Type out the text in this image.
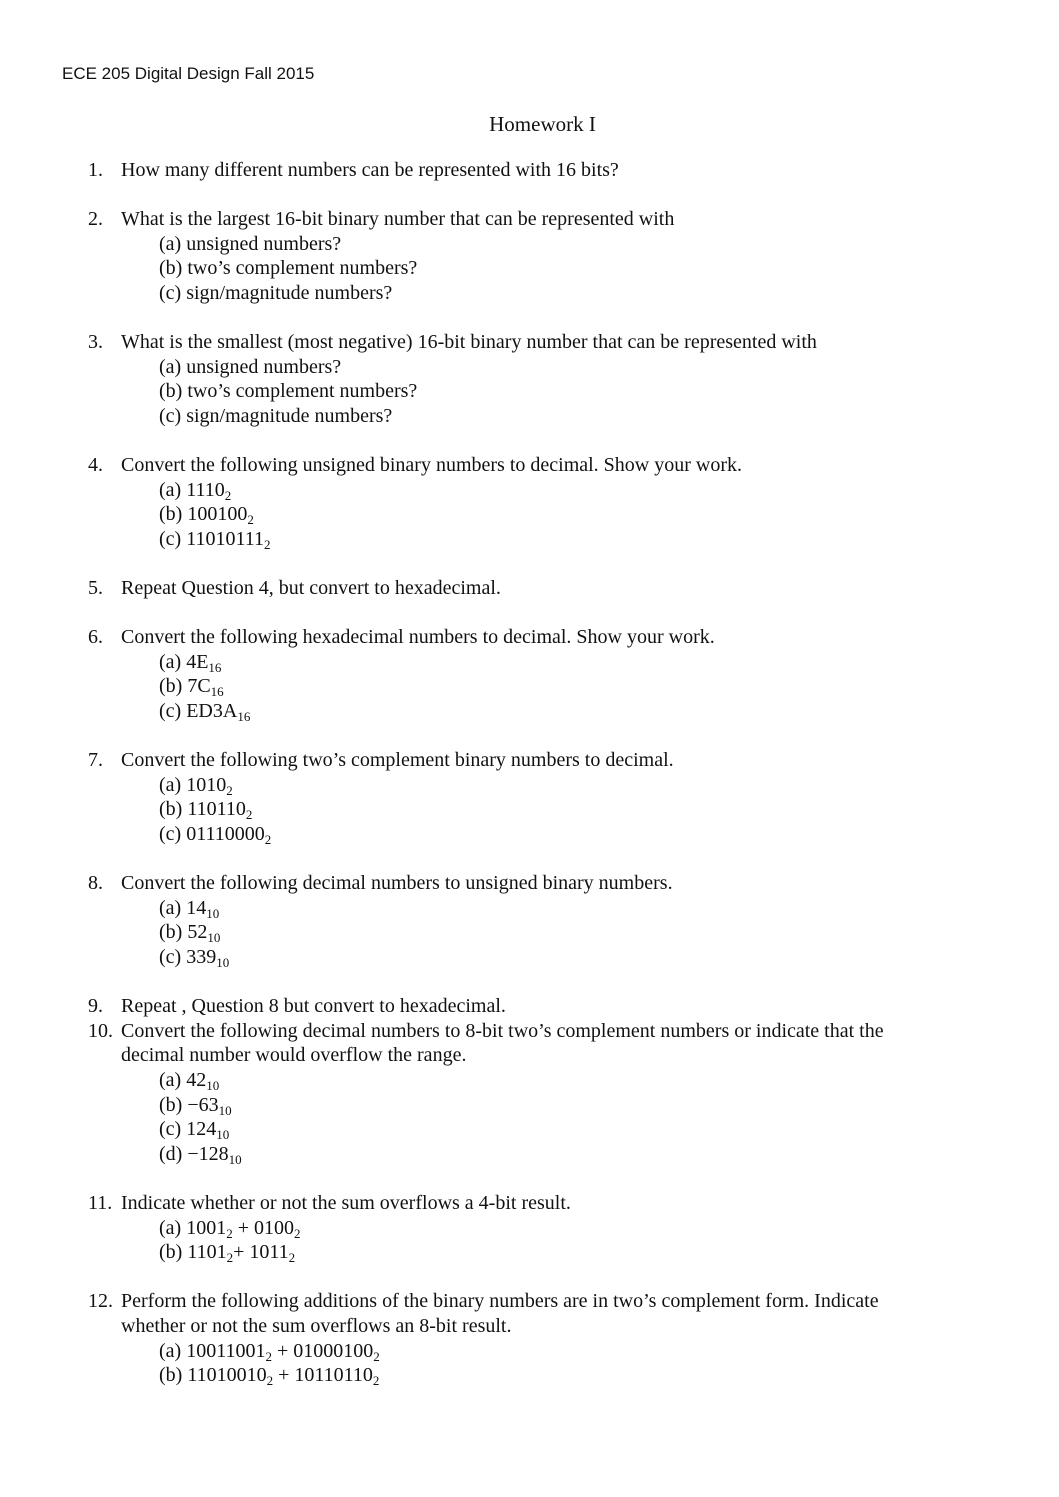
ECE 205 Digital Design Fall 2015
Homework I
1. How many different numbers can be represented with 16 bits?
2. What is the largest 16-bit binary number that can be represented with
(a) unsigned numbers?
(b) two’s complement numbers?
(c) sign/magnitude numbers?
3. What is the smallest (most negative) 16-bit binary number that can be represented with
(a) unsigned numbers?
(b) two’s complement numbers?
(c) sign/magnitude numbers?
4. Convert the following unsigned binary numbers to decimal. Show your work.
(a) $1110_2$
(b) $100100_2$
(c) $11010111_2$
5. Repeat Question 4, but convert to hexadecimal.
6. Convert the following hexadecimal numbers to decimal. Show your work.
(a) $4E_{16}$
(b) $7C_{16}$
(c) $ED3A_{16}$
7. Convert the following two’s complement binary numbers to decimal.
(a) $1010_2$
(b) $110110_2$
(c) $01110000_2$
8. Convert the following decimal numbers to unsigned binary numbers.
(a) $14_{10}$
(b) $52_{10}$
(c) $339_{10}$
9. Repeat , Question 8 but convert to hexadecimal.
10. Convert the following decimal numbers to 8-bit two’s complement numbers or indicate that the
decimal number would overflow the range.
(a) $42_{10}$
$(b) -63_{10}$
(c) $124_{10}$
$(d) -128_{10}$
11. Indicate whether or not the sum overflows a 4-bit result.
(a) $1001_2 + 0100_2$
(b) $1101_2+ 1011_2$
12. Perform the following additions of the binary numbers are in two’s complement form. Indicate
whether or not the sum overflows an 8-bit result.
(a) $10011001_2 + 01000100_2$
(b) $11010010_2 + 10110110_2$
